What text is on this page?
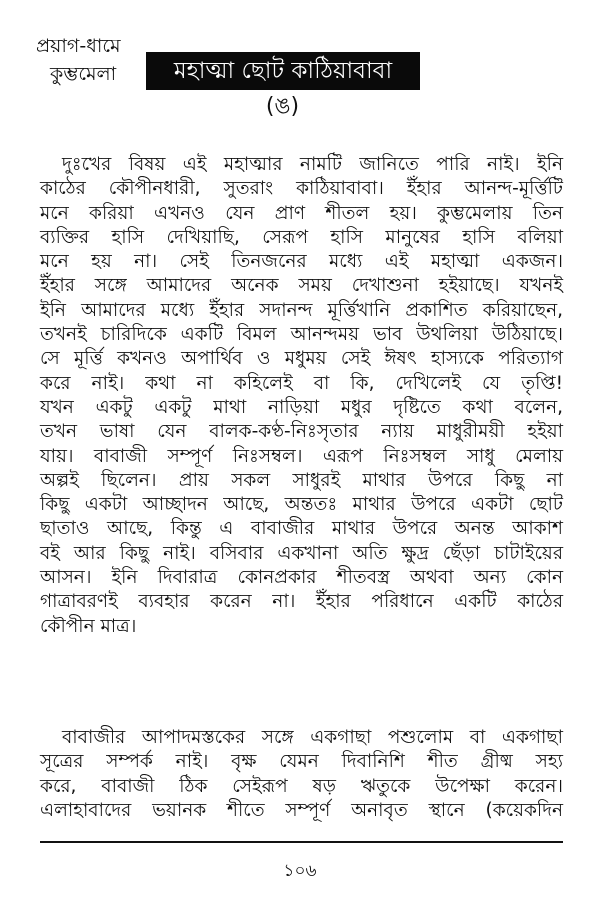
প্রয়াগ-ধামে
কুম্ভমেলা	মহাত্মা ছোট কাঠিয়াবাবা
(ঙ)
দুঃখের বিষয় এই মহাত্মার নামটি জানিতে পারি নাই। ইনি
কাঠের কৌপীনধারী, সুতরাং কাঠিয়াবাবা। ইঁহার আনন্দ-মূর্ত্তিটি
মনে করিয়া এখনও যেন প্রাণ শীতল হয়। কুম্ভমেলায় তিন
ব্যক্তির হাসি দেখিয়াছি, সেরূপ হাসি মানুষের হাসি বলিয়া
মনে হয় না। সেই তিনজনের মধ্যে এই মহাত্মা একজন।
ইঁহার সঙ্গে আমাদের অনেক সময় দেখাশুনা হইয়াছে। যখনই
ইনি আমাদের মধ্যে ইঁহার সদানন্দ মূর্ত্তিখানি প্রকাশিত করিয়াছেন,
তখনই চারিদিকে একটি বিমল আনন্দময় ভাব উথলিয়া উঠিয়াছে।
সে মূর্ত্তি কখনও অপার্থিব ও মধুময় সেই ঈষৎ হাস্যকে পরিত্যাগ
করে নাই। কথা না কহিলেই বা কি, দেখিলেই যে তৃপ্তি!
যখন একটু একটু মাথা নাড়িয়া মধুর দৃষ্টিতে কথা বলেন,
তখন ভাষা যেন বালক-কণ্ঠ-নিঃসৃতার ন্যায় মাধুরীময়ী হইয়া
যায়। বাবাজী সম্পূর্ণ নিঃসম্বল। এরূপ নিঃসম্বল সাধু মেলায়
অল্পই ছিলেন। প্রায় সকল সাধুরই মাথার উপরে কিছু না
কিছু একটা আচ্ছাদন আছে, অন্ততঃ মাথার উপরে একটা ছোট
ছাতাও আছে, কিন্তু এ বাবাজীর মাথার উপরে অনন্ত আকাশ
বই আর কিছু নাই। বসিবার একখানা অতি ক্ষুদ্র ছেঁড়া চাটাইয়ের
আসন। ইনি দিবারাত্র কোনপ্রকার শীতবস্ত্র অথবা অন্য কোন
গাত্রাবরণই ব্যবহার করেন না। ইঁহার পরিধানে একটি কাঠের
কৌপীন মাত্র।
বাবাজীর আপাদমস্তকের সঙ্গে একগাছা পশুলোম বা একগাছা
সূত্রের সম্পর্ক নাই। বৃক্ষ যেমন দিবানিশি শীত গ্রীষ্ম সহ্য
করে, বাবাজী ঠিক সেইরূপ ষড় ঋতুকে উপেক্ষা করেন।
এলাহাবাদের ভয়ানক শীতে সম্পূর্ণ অনাবৃত স্থানে (কয়েকদিন
১০৬
